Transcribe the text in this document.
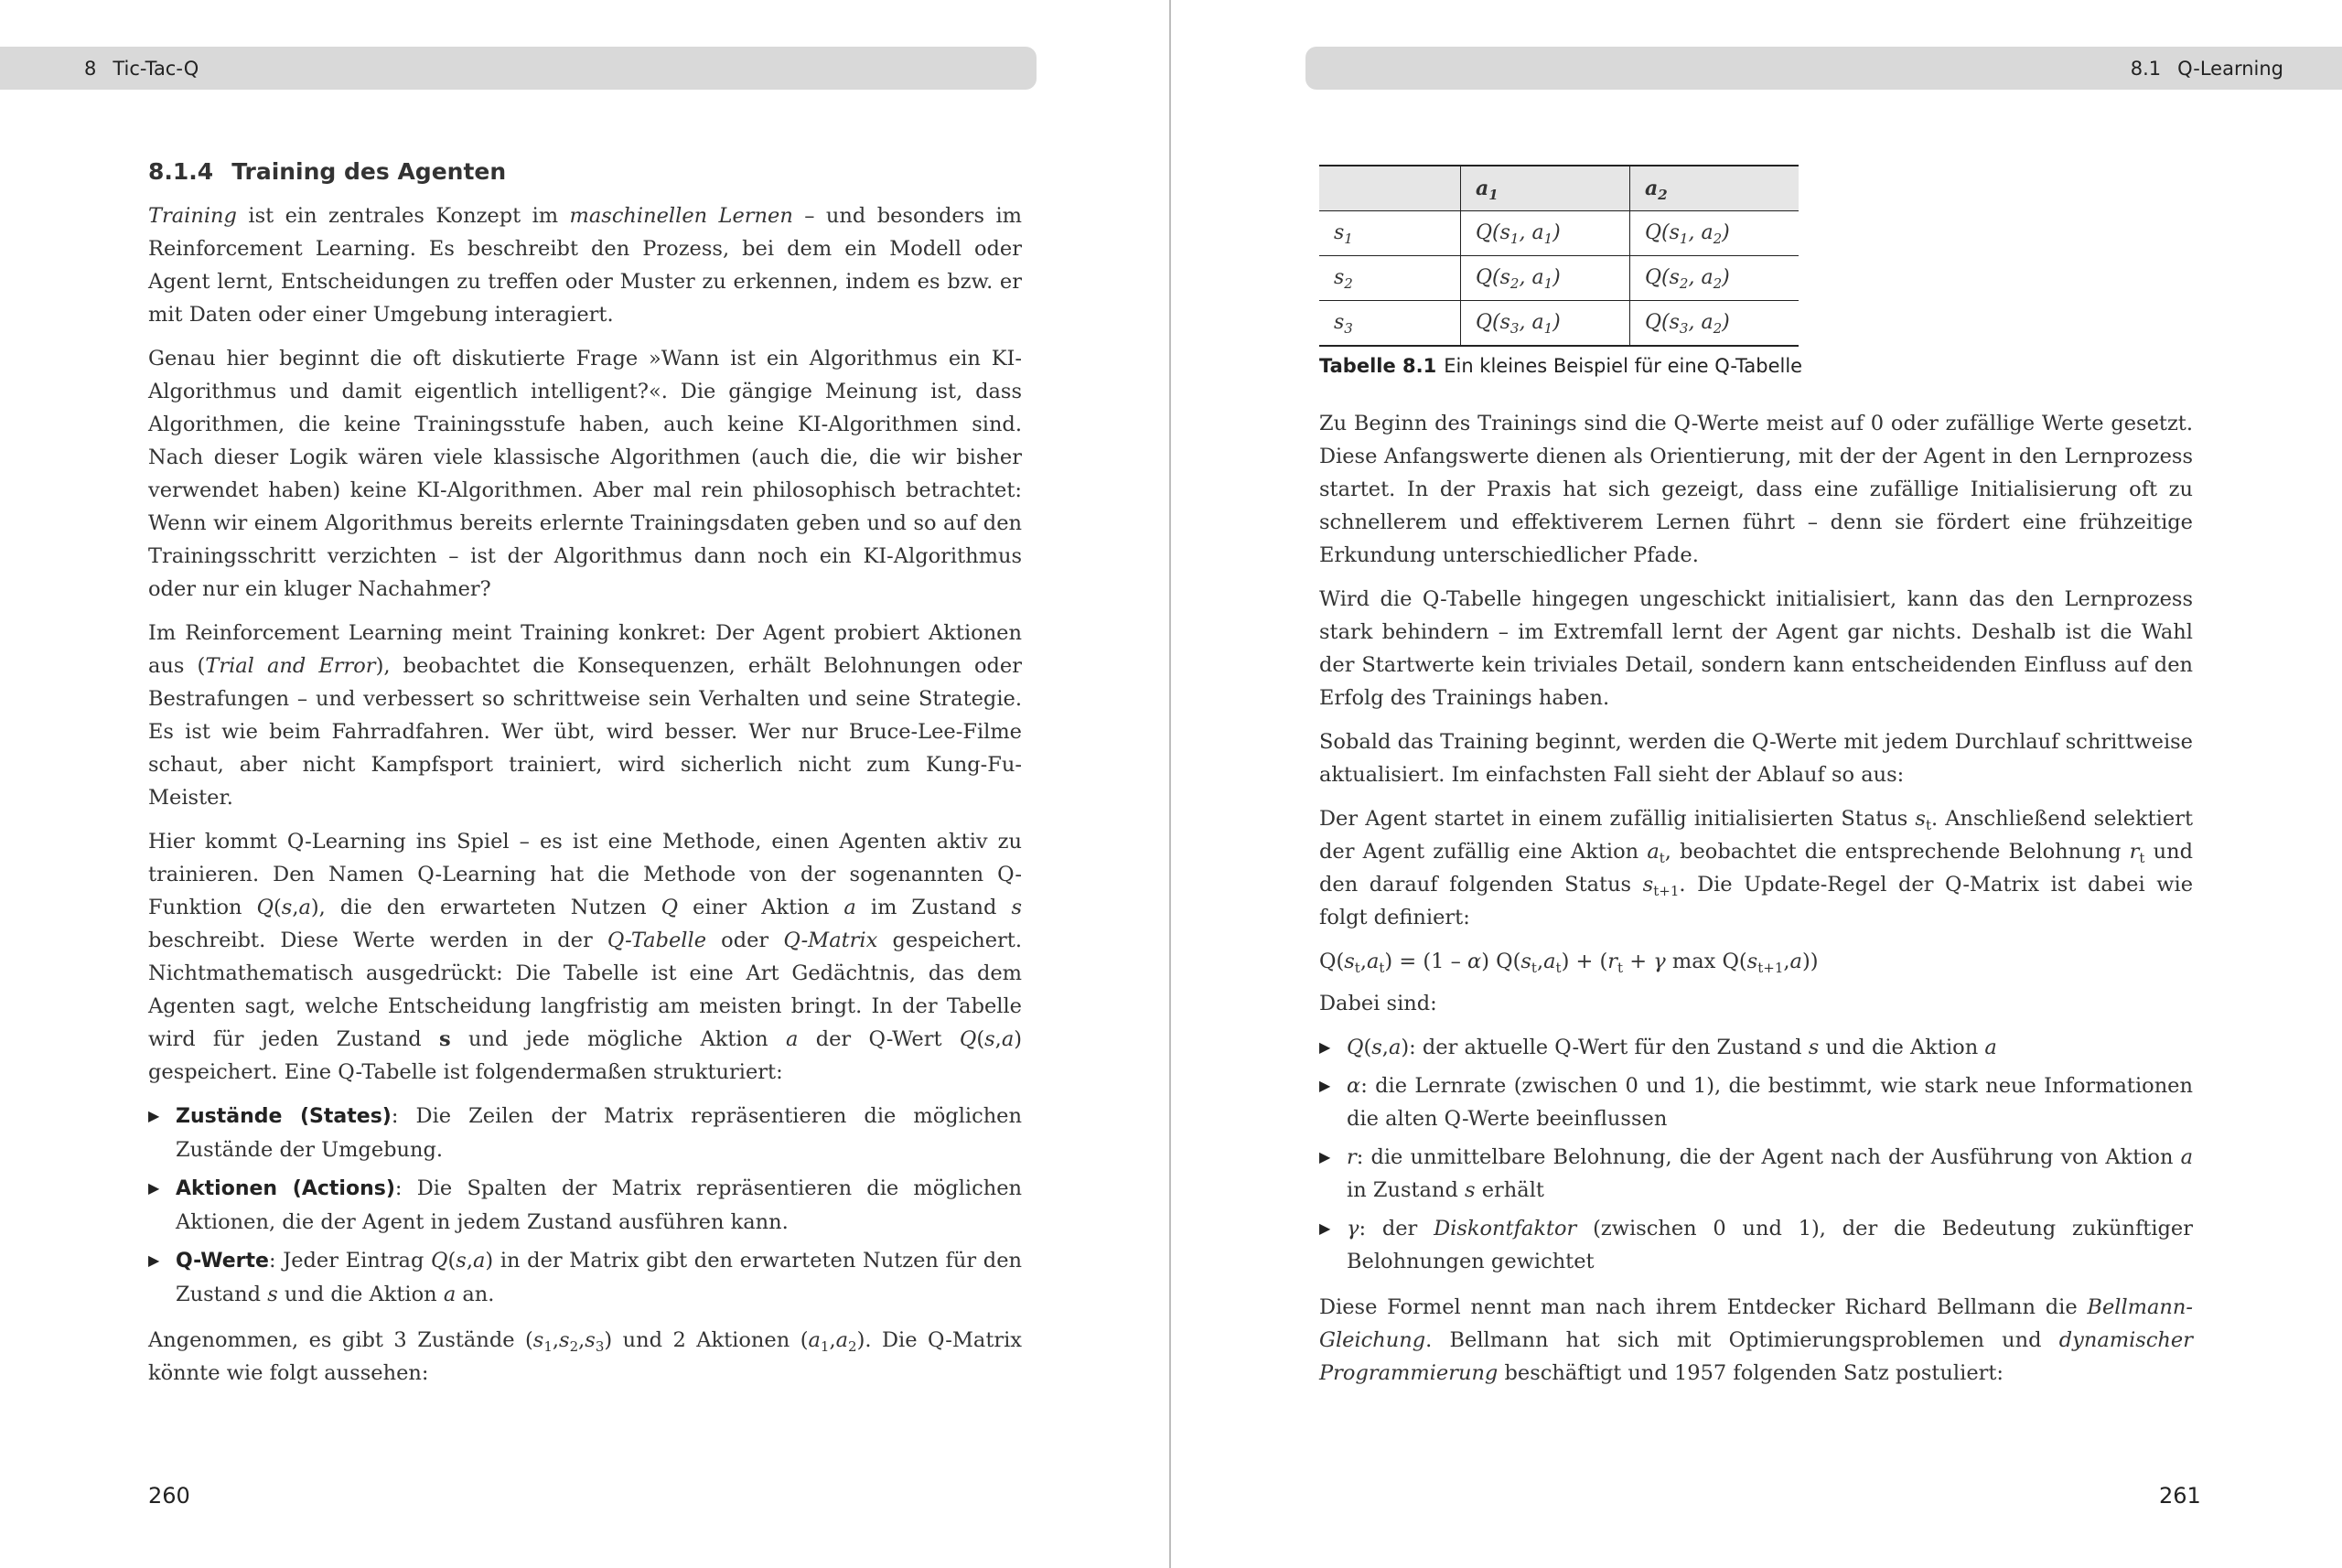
8 Tic-Tac-Q	8.1 Q-Learning
8.1.4 Training des Agenten

Training ist ein zentrales Konzept im maschinellen Lernen – und besonders im Reinforcement Learning. Es beschreibt den Prozess, bei dem ein Modell oder Agent lernt, Entscheidungen zu treffen oder Muster zu erkennen, indem es bzw. er mit Daten oder einer Umgebung interagiert.

Genau hier beginnt die oft diskutierte Frage »Wann ist ein Algorithmus ein KI-Algorithmus und damit eigentlich intelligent?«. Die gängige Meinung ist, dass Algorithmen, die keine Trainingsstufe haben, auch keine KI-Algorithmen sind. Nach dieser Logik wären viele klassische Algorithmen (auch die, die wir bisher verwendet haben) keine KI-Algorithmen. Aber mal rein philosophisch betrachtet: Wenn wir einem Algorithmus bereits erlernte Trainingsdaten geben und so auf den Trainingsschritt verzichten – ist der Algorithmus dann noch ein KI-Algorithmus oder nur ein kluger Nachahmer?

Im Reinforcement Learning meint Training konkret: Der Agent probiert Aktionen aus (Trial and Error), beobachtet die Konsequenzen, erhält Belohnungen oder Bestrafungen – und verbessert so schrittweise sein Verhalten und seine Strategie. Es ist wie beim Fahrradfahren. Wer übt, wird besser. Wer nur Bruce-Lee-Filme schaut, aber nicht Kampfsport trainiert, wird sicherlich nicht zum Kung-Fu-Meister.

Hier kommt Q-Learning ins Spiel – es ist eine Methode, einen Agenten aktiv zu trainieren. Den Namen Q-Learning hat die Methode von der sogenannten Q-Funktion Q(s,a), die den erwarteten Nutzen Q einer Aktion a im Zustand s beschreibt. Diese Werte werden in der Q-Tabelle oder Q-Matrix gespeichert. Nichtmathematisch ausgedrückt: Die Tabelle ist eine Art Gedächtnis, das dem Agenten sagt, welche Entscheidung langfristig am meisten bringt. In der Tabelle wird für jeden Zustand s und jede mögliche Aktion a der Q-Wert Q(s,a) gespeichert. Eine Q-Tabelle ist folgendermaßen strukturiert:

▶ Zustände (States): Die Zeilen der Matrix repräsentieren die möglichen Zustände der Umgebung.
▶ Aktionen (Actions): Die Spalten der Matrix repräsentieren die möglichen Aktionen, die der Agent in jedem Zustand ausführen kann.
▶ Q-Werte: Jeder Eintrag Q(s,a) in der Matrix gibt den erwarteten Nutzen für den Zustand s und die Aktion a an.

Angenommen, es gibt 3 Zustände $(s_1,s_2,s_3)$ und 2 Aktionen $(a_1,a_2)$. Die Q-Matrix könnte wie folgt aussehen:

260
	$a_1$	$a_2$
$s_1$	$Q(s_1$, $a_1$)	$Q(s_1$, $a_2$)
$s_2$	$Q(s_2$, $a_1$)	$Q(s_2$, $a_2$)
$s_3$	$Q(s_3$, $a_1$)	$Q(s_3$, $a_2$)
Tabelle 8.1 Ein kleines Beispiel für eine Q-Tabelle

Zu Beginn des Trainings sind die Q-Werte meist auf 0 oder zufällige Werte gesetzt. Diese Anfangswerte dienen als Orientierung, mit der der Agent in den Lernprozess startet. In der Praxis hat sich gezeigt, dass eine zufällige Initialisierung oft zu schnellerem und effektiverem Lernen führt – denn sie fördert eine frühzeitige Erkundung unterschiedlicher Pfade.

Wird die Q-Tabelle hingegen ungeschickt initialisiert, kann das den Lernprozess stark behindern – im Extremfall lernt der Agent gar nichts. Deshalb ist die Wahl der Startwerte kein triviales Detail, sondern kann entscheidenden Einfluss auf den Erfolg des Trainings haben.

Sobald das Training beginnt, werden die Q-Werte mit jedem Durchlauf schrittweise aktualisiert. Im einfachsten Fall sieht der Ablauf so aus:

Der Agent startet in einem zufällig initialisierten Status $s_t$. Anschließend selektiert der Agent zufällig eine Aktion $a_t$, beobachtet die entsprechende Belohnung $r_t$ und den darauf folgenden Status $s_{t+1}$. Die Update-Regel der Q-Matrix ist dabei wie folgt definiert:

$Q(s_t,a_t) = (1 - \alpha) Q(s_t,a_t) + (r_t + \gamma$ $\max Q(s_{t+1},a)$)

Dabei sind:

▶ Q(s,a): der aktuelle Q-Wert für den Zustand s und die Aktion a
▶ α: die Lernrate (zwischen 0 und 1), die bestimmt, wie stark neue Informationen die alten Q-Werte beeinflussen
▶ r: die unmittelbare Belohnung, die der Agent nach der Ausführung von Aktion a in Zustand s erhält
▶ γ: der Diskontfaktor (zwischen 0 und 1), der die Bedeutung zukünftiger Belohnungen gewichtet

Diese Formel nennt man nach ihrem Entdecker Richard Bellmann die Bellmann-Gleichung. Bellmann hat sich mit Optimierungsproblemen und dynamischer Programmierung beschäftigt und 1957 folgenden Satz postuliert:

261
